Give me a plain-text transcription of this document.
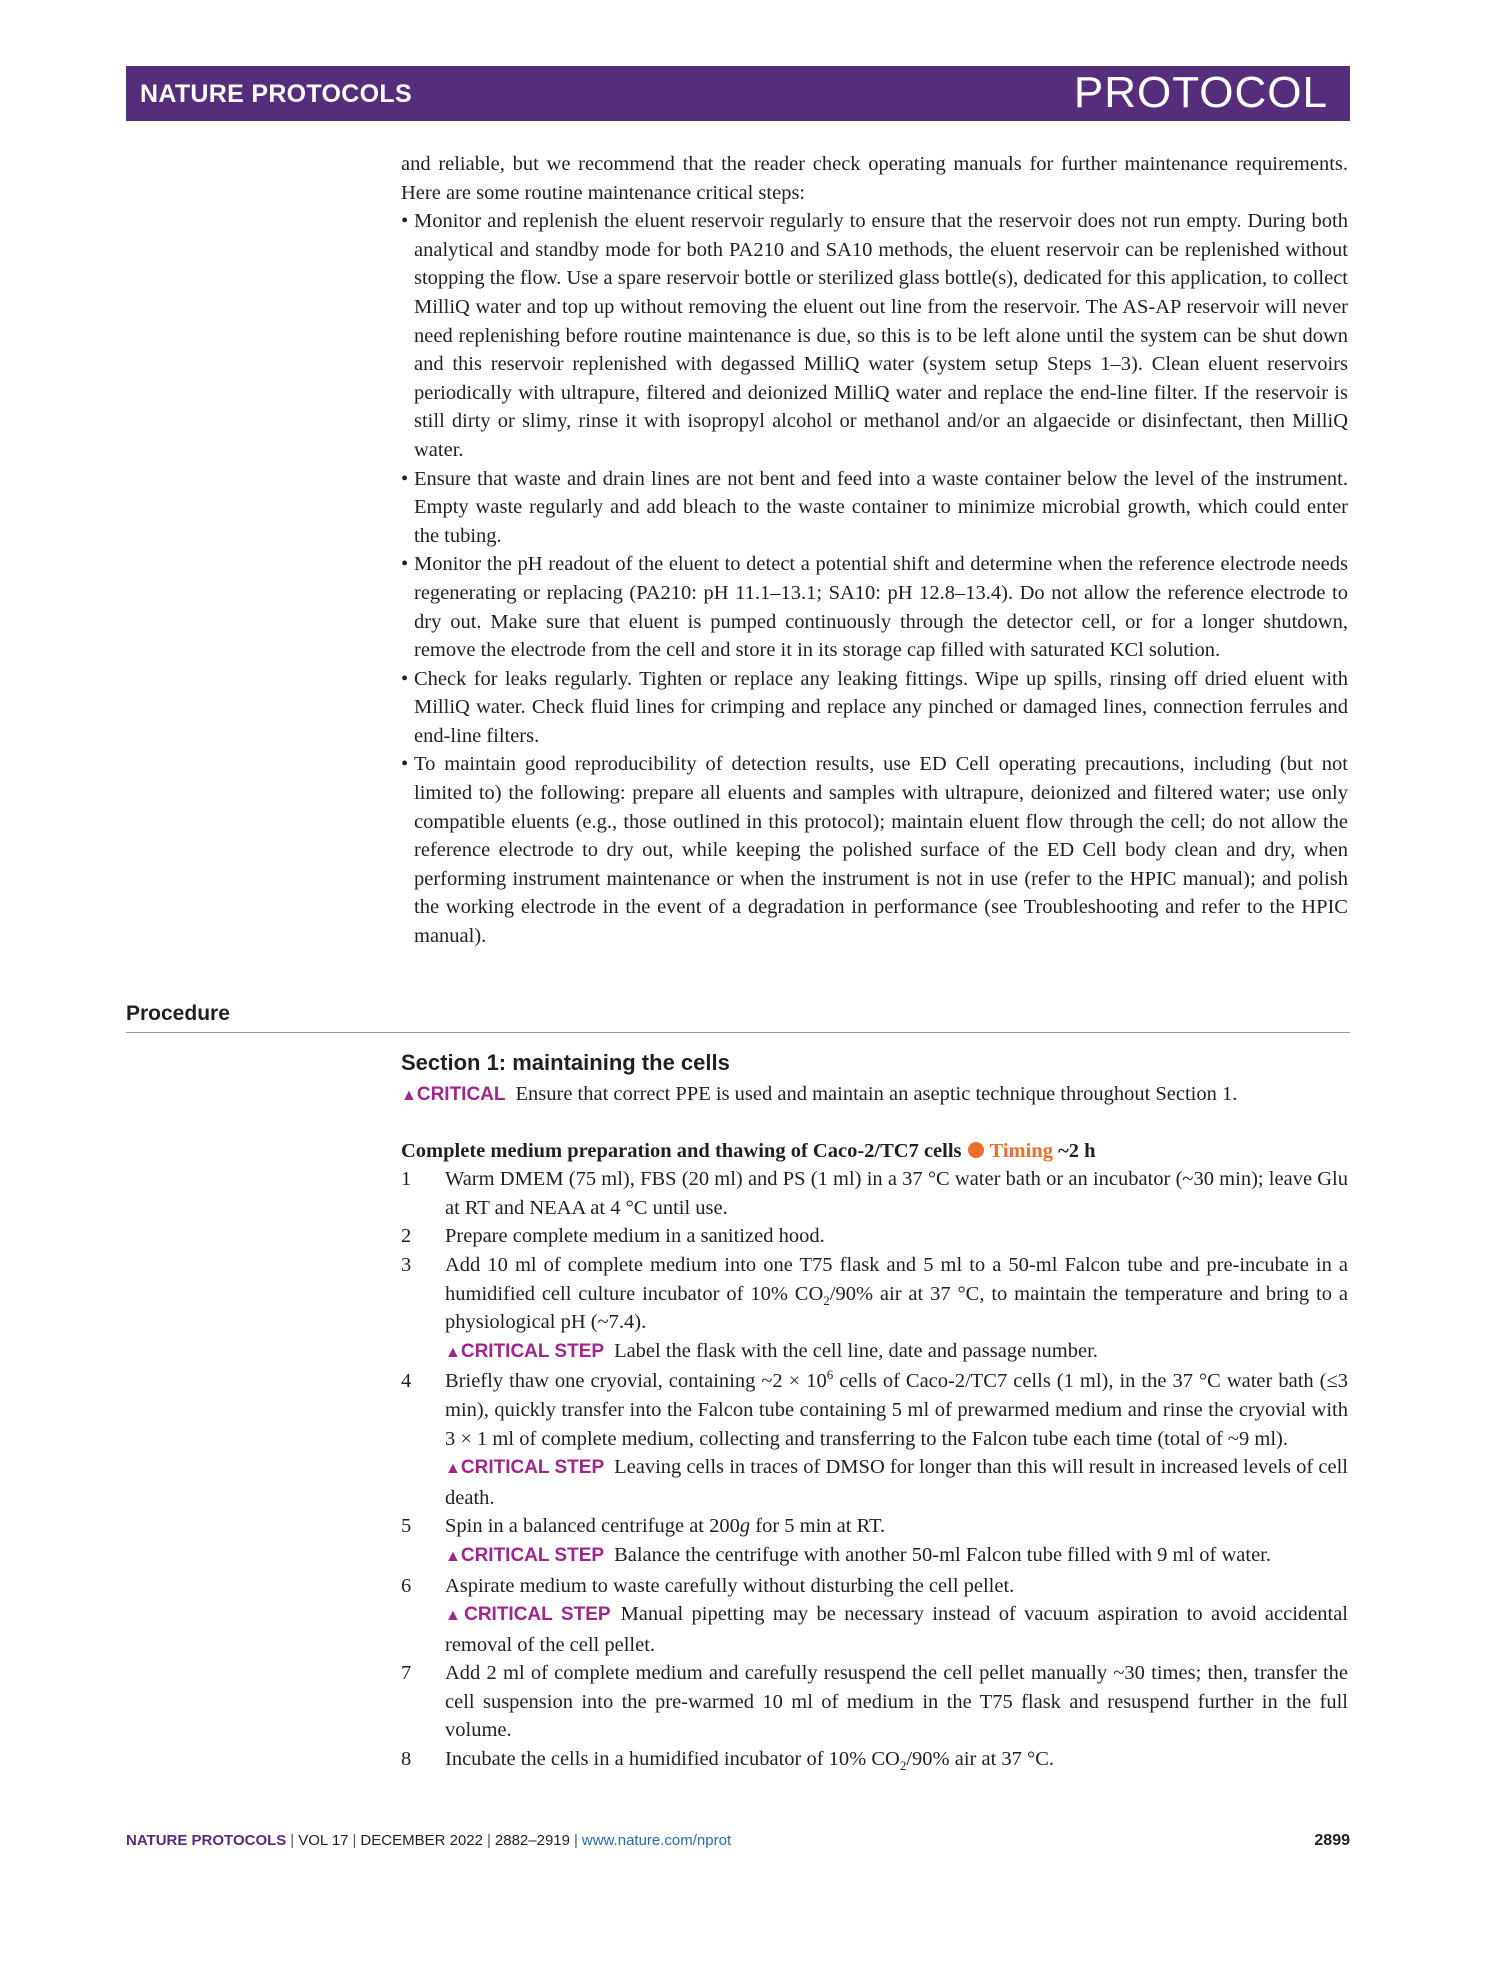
NATURE PROTOCOLS	PROTOCOL

and reliable, but we recommend that the reader check operating manuals for further maintenance requirements. Here are some routine maintenance critical steps:

• Monitor and replenish the eluent reservoir regularly to ensure that the reservoir does not run empty. During both analytical and standby mode for both PA210 and SA10 methods, the eluent reservoir can be replenished without stopping the flow. Use a spare reservoir bottle or sterilized glass bottle(s), dedicated for this application, to collect MilliQ water and top up without removing the eluent out line from the reservoir. The AS-AP reservoir will never need replenishing before routine maintenance is due, so this is to be left alone until the system can be shut down and this reservoir replenished with degassed MilliQ water (system setup Steps 1–3). Clean eluent reservoirs periodically with ultrapure, filtered and deionized MilliQ water and replace the end-line filter. If the reservoir is still dirty or slimy, rinse it with isopropyl alcohol or methanol and/or an algaecide or disinfectant, then MilliQ water.
• Ensure that waste and drain lines are not bent and feed into a waste container below the level of the instrument. Empty waste regularly and add bleach to the waste container to minimize microbial growth, which could enter the tubing.
• Monitor the pH readout of the eluent to detect a potential shift and determine when the reference electrode needs regenerating or replacing (PA210: pH 11.1–13.1; SA10: pH 12.8–13.4). Do not allow the reference electrode to dry out. Make sure that eluent is pumped continuously through the detector cell, or for a longer shutdown, remove the electrode from the cell and store it in its storage cap filled with saturated KCl solution.
• Check for leaks regularly. Tighten or replace any leaking fittings. Wipe up spills, rinsing off dried eluent with MilliQ water. Check fluid lines for crimping and replace any pinched or damaged lines, connection ferrules and end-line filters.
• To maintain good reproducibility of detection results, use ED Cell operating precautions, including (but not limited to) the following: prepare all eluents and samples with ultrapure, deionized and filtered water; use only compatible eluents (e.g., those outlined in this protocol); maintain eluent flow through the cell; do not allow the reference electrode to dry out, while keeping the polished surface of the ED Cell body clean and dry, when performing instrument maintenance or when the instrument is not in use (refer to the HPIC manual); and polish the working electrode in the event of a degradation in performance (see Troubleshooting and refer to the HPIC manual).
Procedure
Section 1: maintaining the cells
▲CRITICAL Ensure that correct PPE is used and maintain an aseptic technique throughout Section 1.
Complete medium preparation and thawing of Caco-2/TC7 cells Timing ~2 h
1 Warm DMEM (75 ml), FBS (20 ml) and PS (1 ml) in a 37 °C water bath or an incubator (~30 min); leave Glu at RT and NEAA at 4 °C until use.
2 Prepare complete medium in a sanitized hood.
3 Add 10 ml of complete medium into one T75 flask and 5 ml to a 50-ml Falcon tube and pre-incubate in a humidified cell culture incubator of 10% $CO_2/90\%$ air at 37 °C, to maintain the temperature and bring to a physiological pH (~7.4).
▲CRITICAL STEP Label the flask with the cell line, date and passage number.
4 Briefly thaw one cryovial, containing ~2 × $10^6$ cells of Caco-2/TC7 cells (1 ml), in the 37 °C water bath (≤3 min), quickly transfer into the Falcon tube containing 5 ml of prewarmed medium and rinse the cryovial with 3 × 1 ml of complete medium, collecting and transferring to the Falcon tube each time (total of ~9 ml).
▲CRITICAL STEP Leaving cells in traces of DMSO for longer than this will result in increased levels of cell death.
5 Spin in a balanced centrifuge at 200g for 5 min at RT.
▲CRITICAL STEP Balance the centrifuge with another 50-ml Falcon tube filled with 9 ml of water.
6 Aspirate medium to waste carefully without disturbing the cell pellet.
▲CRITICAL STEP Manual pipetting may be necessary instead of vacuum aspiration to avoid accidental removal of the cell pellet.
7 Add 2 ml of complete medium and carefully resuspend the cell pellet manually ~30 times; then, transfer the cell suspension into the pre-warmed 10 ml of medium in the T75 flask and resuspend further in the full volume.
8 Incubate the cells in a humidified incubator of 10% $CO_2/90\%$ air at 37 °C.
NATURE PROTOCOLS | VOL 17 | DECEMBER 2022 | 2882–2919 | www.nature.com/nprot	2899
